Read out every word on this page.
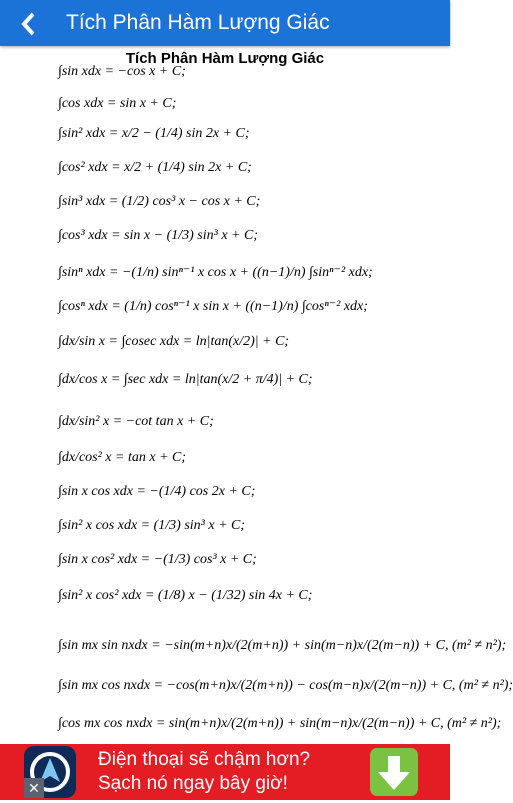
Tích Phân Hàm Lượng Giác
Tích Phân Hàm Lượng Giác
∫sin xdx = −cos x + C;
∫cos xdx = sin x + C;
∫sin² xdx = x/2 − (1/4) sin 2x + C;
∫cos² xdx = x/2 + (1/4) sin 2x + C;
∫sin³ xdx = (1/2) cos³ x − cos x + C;
∫cos³ xdx = sin x − (1/3) sin³ x + C;
∫sinⁿ xdx = −(1/n) sinⁿ⁻¹ x cos x + ((n−1)/n) ∫sinⁿ⁻² xdx;
∫cosⁿ xdx = (1/n) cosⁿ⁻¹ x sin x + ((n−1)/n) ∫cosⁿ⁻² xdx;
∫dx/sin x = ∫cosec xdx = ln|tan(x/2)| + C;
∫dx/cos x = ∫sec xdx = ln|tan(x/2 + π/4)| + C;
∫dx/sin² x = −cot tan x + C;
∫dx/cos² x = tan x + C;
∫sin x cos xdx = −(1/4) cos 2x + C;
∫sin² x cos xdx = (1/3) sin³ x + C;
∫sin x cos² xdx = −(1/3) cos³ x + C;
∫sin² x cos² xdx = (1/8) x − (1/32) sin 4x + C;
∫sin mx sin nxdx = −sin(m+n)x/(2(m+n)) + sin(m−n)x/(2(m−n)) + C, (m² ≠ n²);
∫sin mx cos nxdx = −cos(m+n)x/(2(m+n)) − cos(m−n)x/(2(m−n)) + C, (m² ≠ n²);
∫cos mx cos nxdx = sin(m+n)x/(2(m+n)) + sin(m−n)x/(2(m−n)) + C, (m² ≠ n²);
✕
Điện thoại sẽ chậm hơn?
Sạch nó ngay bây giờ!
